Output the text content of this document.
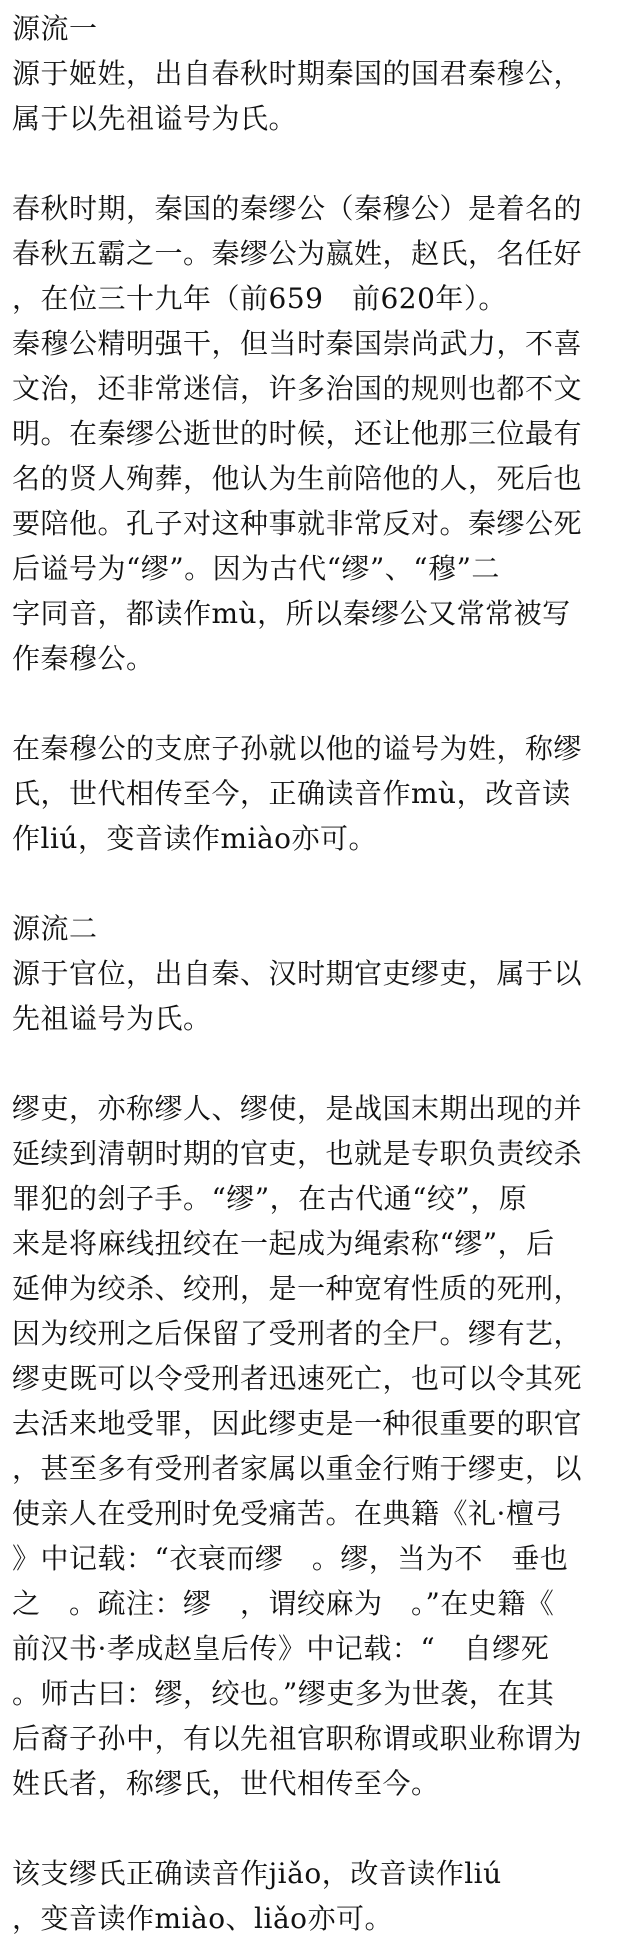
源流一
源于姬姓，出自春秋时期秦国的国君秦穆公，
属于以先祖谥号为氏。
春秋时期，秦国的秦缪公（秦穆公）是着名的
春秋五霸之一。秦缪公为嬴姓，赵氏，名任好
，在位三十九年（前659　前620年）。
秦穆公精明强干，但当时秦国崇尚武力，不喜
文治，还非常迷信，许多治国的规则也都不文
明。在秦缪公逝世的时候，还让他那三位最有
名的贤人殉葬，他认为生前陪他的人，死后也
要陪他。孔子对这种事就非常反对。秦缪公死
后谥号为“缪”。因为古代“缪”、“穆”二
字同音，都读作mù，所以秦缪公又常常被写
作秦穆公。
在秦穆公的支庶子孙就以他的谥号为姓，称缪
氏，世代相传至今，正确读音作mù，改音读
作liú，变音读作miào亦可。
源流二
源于官位，出自秦、汉时期官吏缪吏，属于以
先祖谥号为氏。
缪吏，亦称缪人、缪使，是战国末期出现的并
延续到清朝时期的官吏，也就是专职负责绞杀
罪犯的刽子手。“缪”，在古代通“绞”，原
来是将麻线扭绞在一起成为绳索称“缪”，后
延伸为绞杀、绞刑，是一种宽宥性质的死刑，
因为绞刑之后保留了受刑者的全尸。缪有艺，
缪吏既可以令受刑者迅速死亡，也可以令其死
去活来地受罪，因此缪吏是一种很重要的职官
，甚至多有受刑者家属以重金行贿于缪吏，以
使亲人在受刑时免受痛苦。在典籍《礼·檀弓
》中记载：“衣衰而缪　。缪，当为不　垂也
之　。疏注：缪　，谓绞麻为　。”在史籍《
前汉书·孝成赵皇后传》中记载：“　自缪死
。师古曰：缪，绞也。”缪吏多为世袭，在其
后裔子孙中，有以先祖官职称谓或职业称谓为
姓氏者，称缪氏，世代相传至今。
该支缪氏正确读音作jiǎo，改音读作liú
，变音读作miào、liǎo亦可。
